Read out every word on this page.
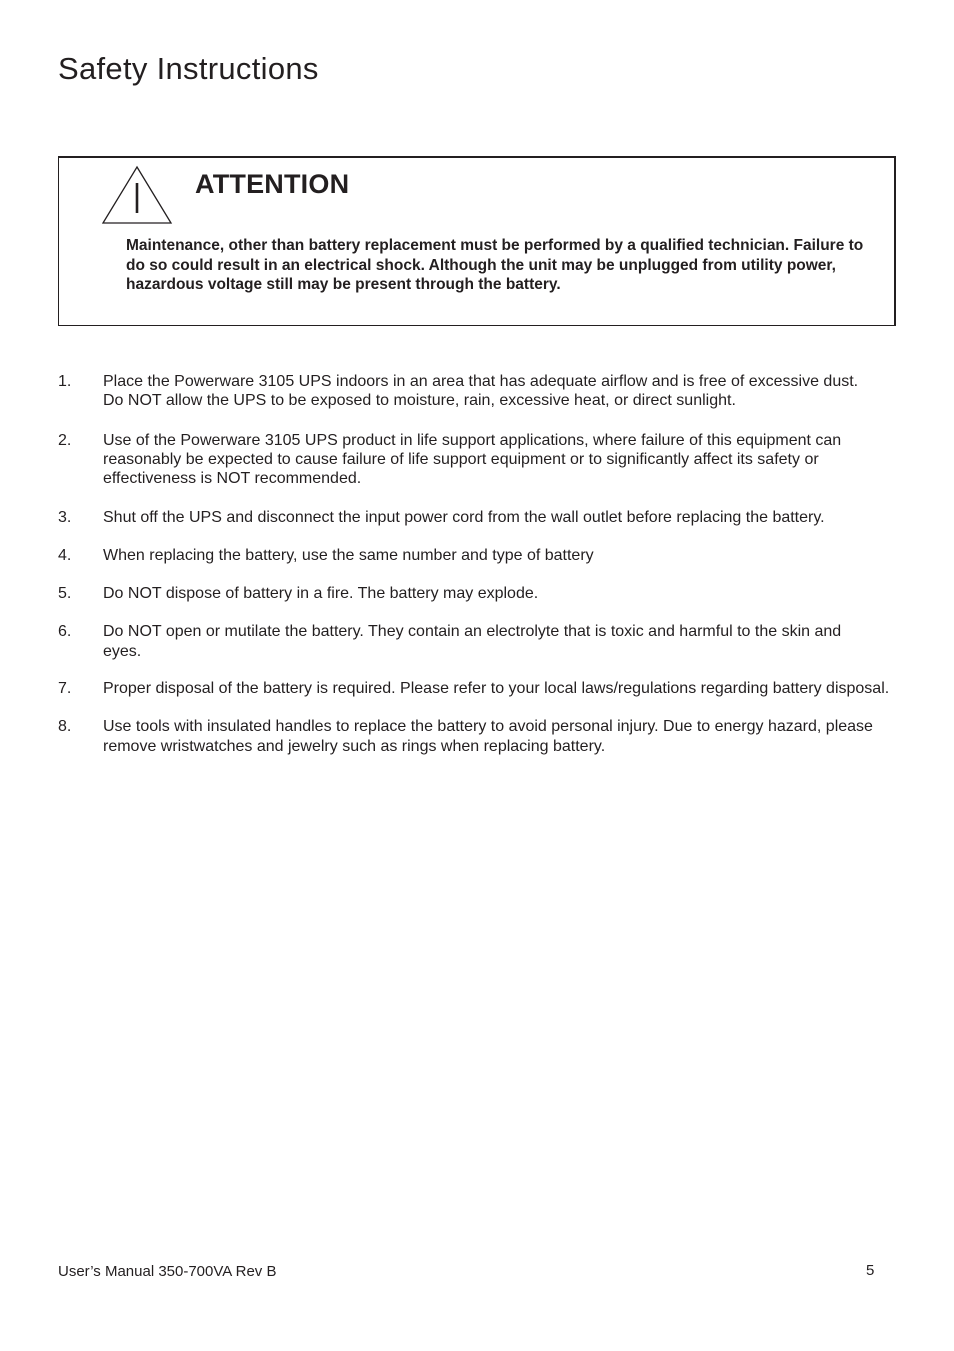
Safety Instructions
ATTENTION

Maintenance, other than battery replacement must be performed by a qualified technician. Failure to do so could result in an electrical shock. Although the unit may be unplugged from utility power, hazardous voltage still may be present through the battery.

1.	Place the Powerware 3105 UPS indoors in an area that has adequate airflow and is free of excessive dust. Do NOT allow the UPS to be exposed to moisture, rain, excessive heat, or direct sunlight.
2.	Use of the Powerware 3105 UPS product in life support applications, where failure of this equipment can reasonably be expected to cause failure of life support equipment or to significantly affect its safety or effectiveness is NOT recommended.
3.	Shut off the UPS and disconnect the input power cord from the wall outlet before replacing the battery.
4.	When replacing the battery, use the same number and type of battery
5.	Do NOT dispose of battery in a fire. The battery may explode.
6.	Do NOT open or mutilate the battery. They contain an electrolyte that is toxic and harmful to the skin and eyes.
7.	Proper disposal of the battery is required. Please refer to your local laws/regulations regarding battery disposal.
8.	Use tools with insulated handles to replace the battery to avoid personal injury. Due to energy hazard, please remove wristwatches and jewelry such as rings when replacing battery.
User’s Manual 350-700VA Rev B	5
